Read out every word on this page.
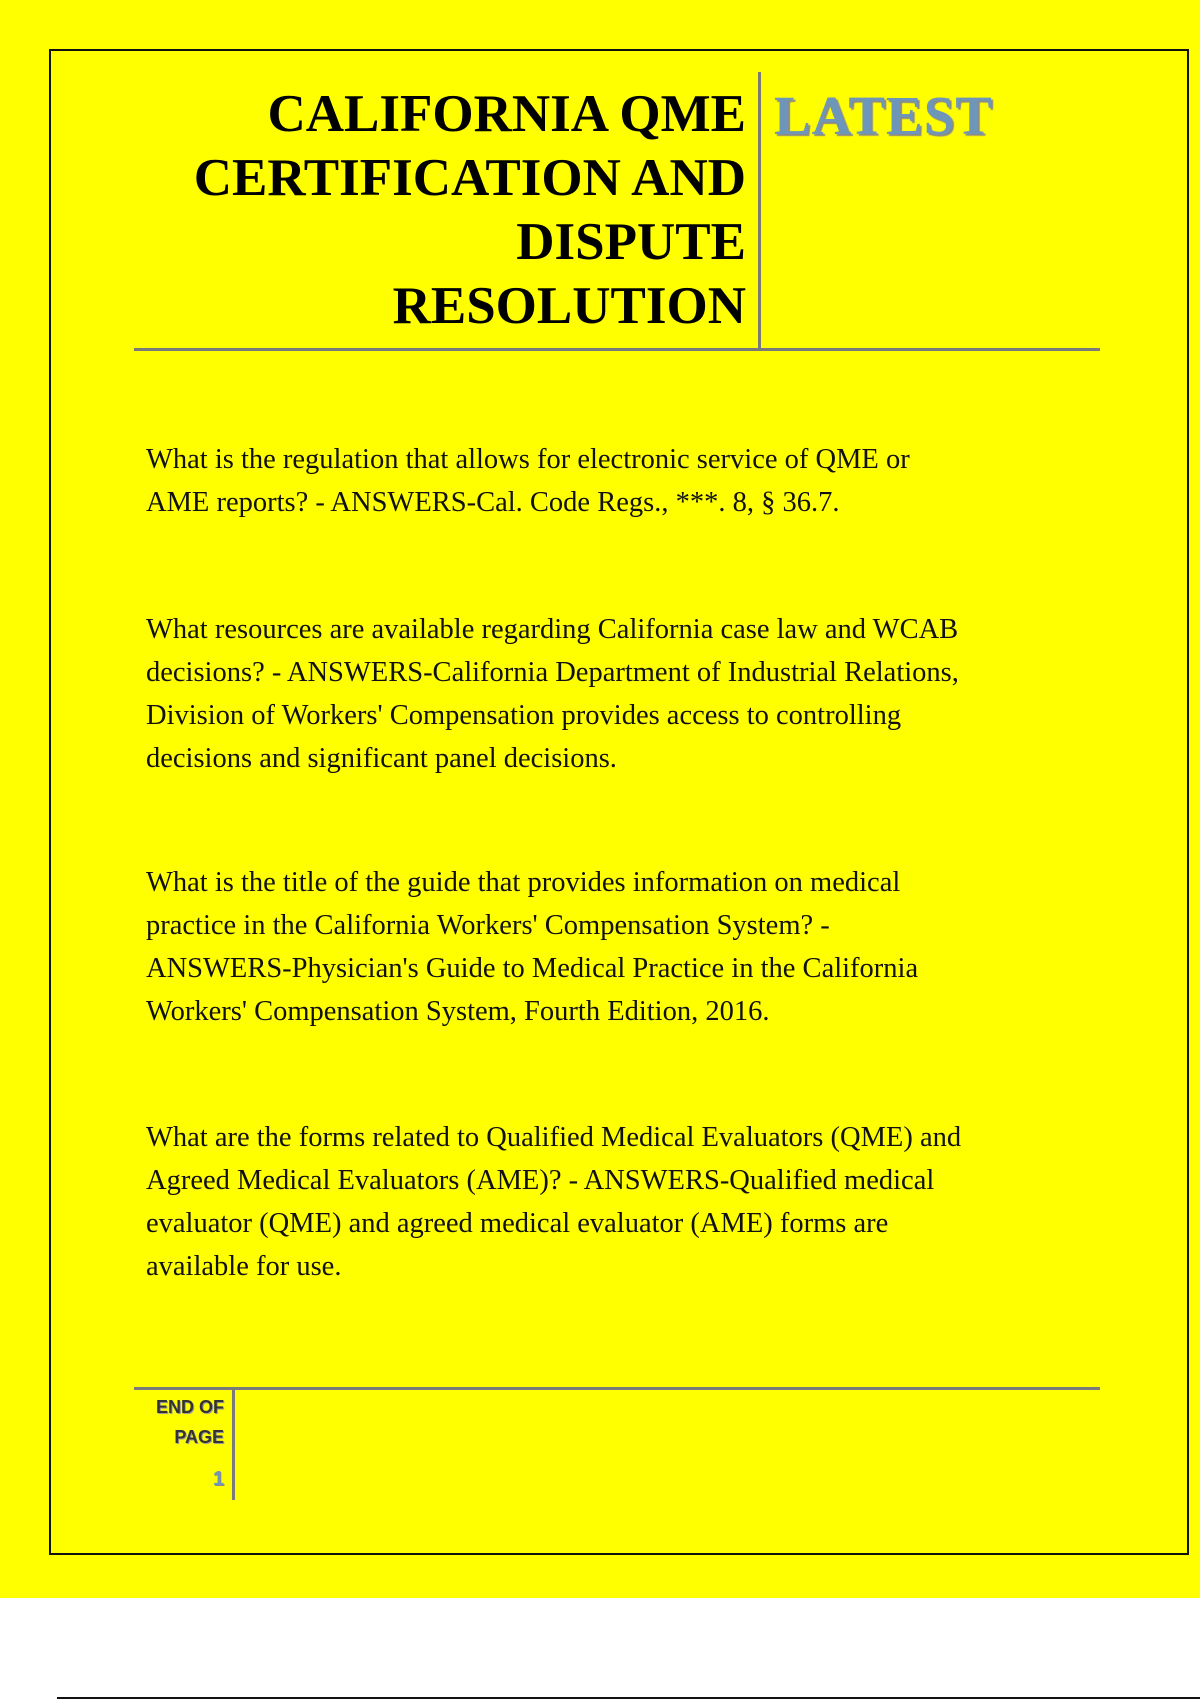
CALIFORNIA QME
CERTIFICATION AND
DISPUTE
RESOLUTION
LATEST

What is the regulation that allows for electronic service of QME or
AME reports? - ANSWERS-Cal. Code Regs., ***. 8, § 36.7.

What resources are available regarding California case law and WCAB
decisions? - ANSWERS-California Department of Industrial Relations,
Division of Workers' Compensation provides access to controlling
decisions and significant panel decisions.

What is the title of the guide that provides information on medical
practice in the California Workers' Compensation System? -
ANSWERS-Physician's Guide to Medical Practice in the California
Workers' Compensation System, Fourth Edition, 2016.

What are the forms related to Qualified Medical Evaluators (QME) and
Agreed Medical Evaluators (AME)? - ANSWERS-Qualified medical
evaluator (QME) and agreed medical evaluator (AME) forms are
available for use.

END OF
PAGE
1
